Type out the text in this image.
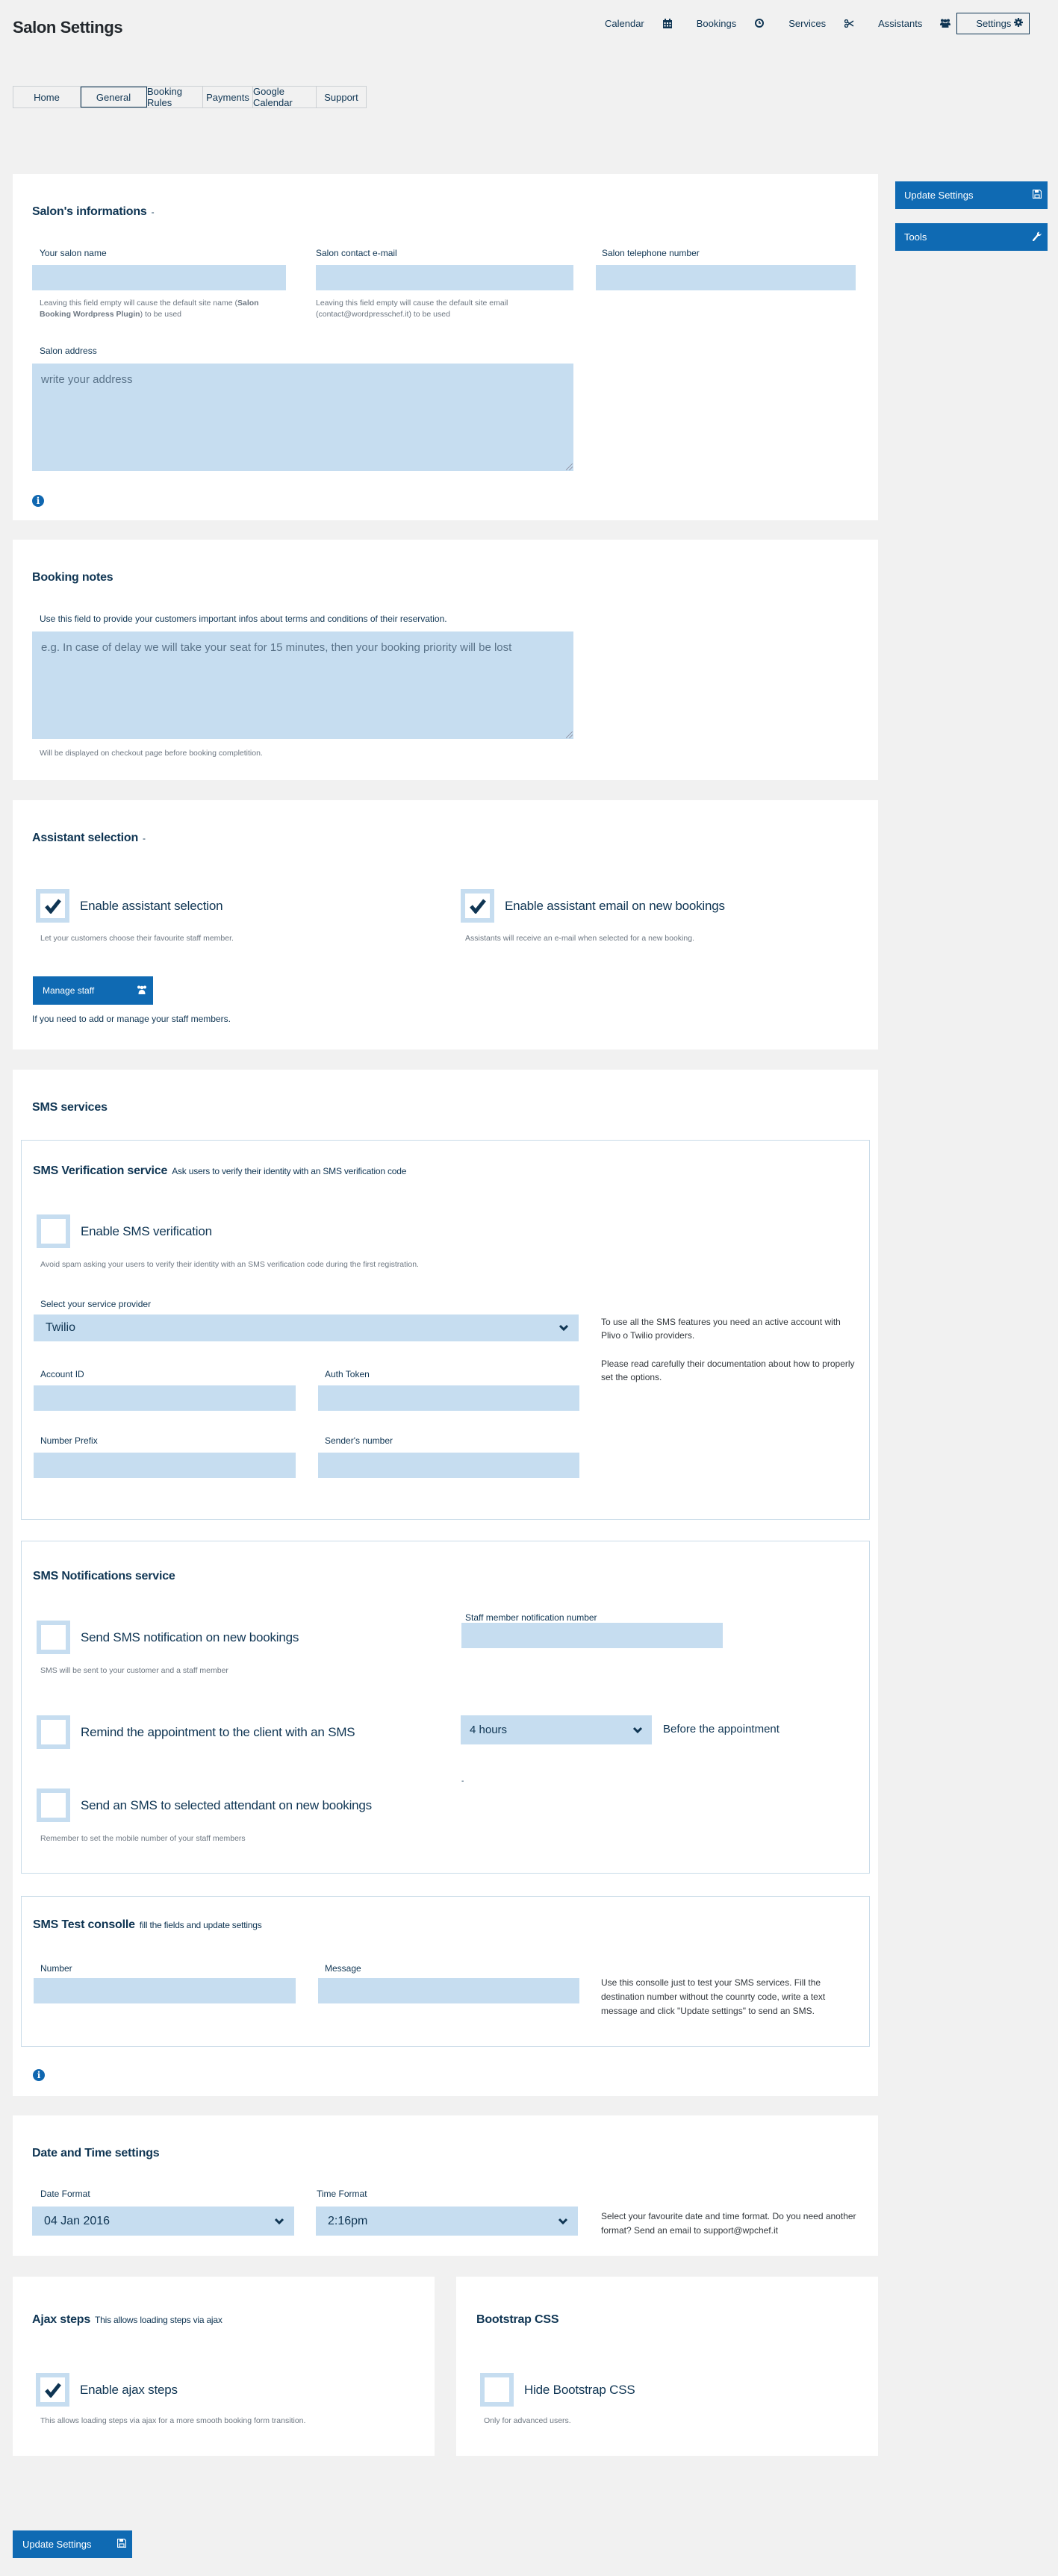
Salon Settings	Calendar	Bookings	Services	Assistants	Settings
Home	General	Booking Rules	Payments Google Calendar	Support
Update Settings
Tools
Salon's informations -
Your salon name
Leaving this field empty will cause the default site name (Salon Booking Wordpress Plugin) to be used
Salon contact e-mail
Leaving this field empty will cause the default site email (contact@wordpresschef.it) to be used
Salon telephone number
Salon address
write your address
i
Booking notes
Use this field to provide your customers important infos about terms and conditions of their reservation.
e.g. In case of delay we will take your seat for 15 minutes, then your booking priority will be lost
Will be displayed on checkout page before booking completition.
Assistant selection -
Enable assistant selection
Let your customers choose their favourite staff member.
Enable assistant email on new bookings
Assistants will receive an e-mail when selected for a new booking.
Manage staff
If you need to add or manage your staff members.
SMS services
SMS Verification service Ask users to verify their identity with an SMS verification code
Enable SMS verification
Avoid spam asking your users to verify their identity with an SMS verification code during the first registration.
Select your service provider
Twilio	To use all the SMS features you need an active account with Plivo o Twilio providers.
Please read carefully their documentation about how to properly set the options.
Account ID	Auth Token
Number Prefix	Sender's number
SMS Notifications service
Send SMS notification on new bookings
SMS will be sent to your customer and a staff member
Staff member notification number
Remind the appointment to the client with an SMS	4 hours	Before the appointment
Send an SMS to selected attendant on new bookings
Remember to set the mobile number of your staff members
-
SMS Test consolle fill the fields and update settings
Number	Message
Use this consolle just to test your SMS services. Fill the destination number without the counrty code, write a text message and click "Update settings" to send an SMS.
i
Date and Time settings
Date Format
04 Jan 2016
Time Format
2:16pm	Select your favourite date and time format. Do you need another format? Send an email to support@wpchef.it
Ajax steps This allows loading steps via ajax
Enable ajax steps
This allows loading steps via ajax for a more smooth booking form transition.
Bootstrap CSS
Hide Bootstrap CSS
Only for advanced users.
Update Settings
